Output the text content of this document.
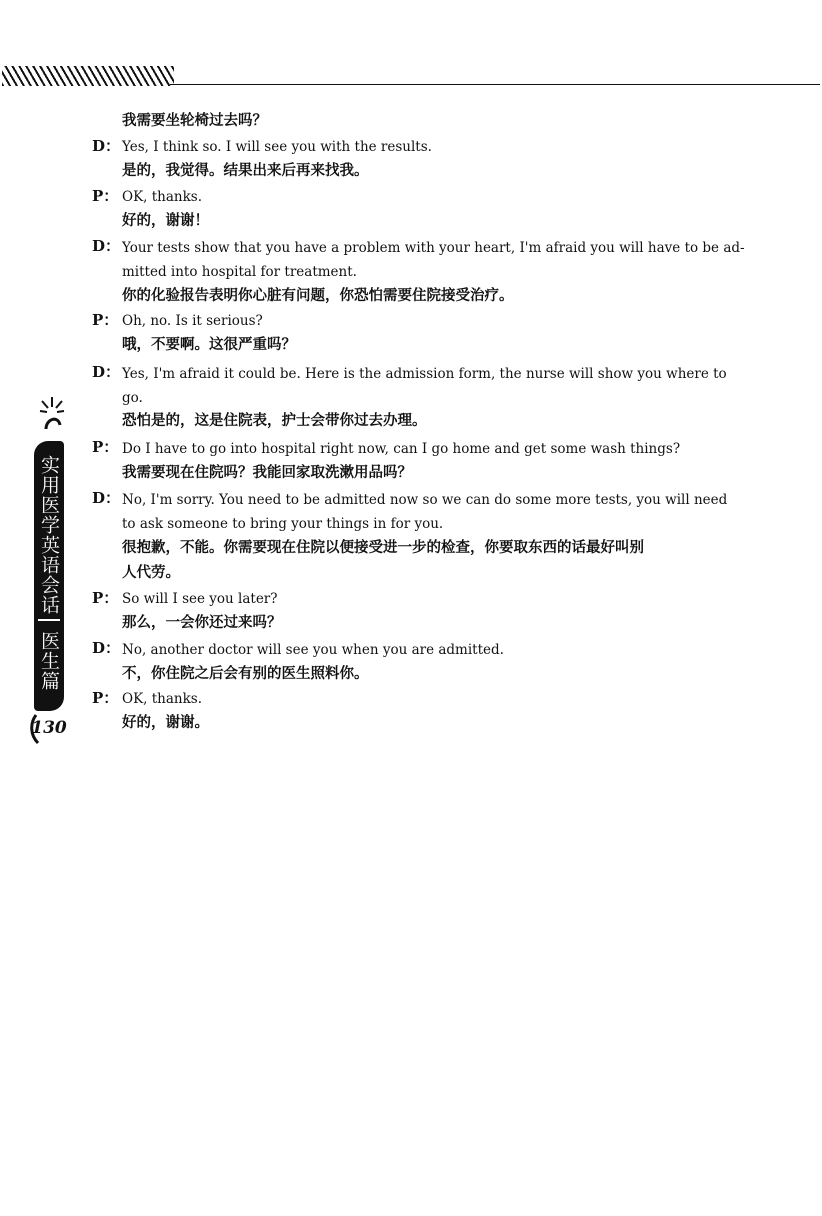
我需要坐轮椅过去吗？
D： Yes, I think so. I will see you with the results.
是的，我觉得。结果出来后再来找我。
P： OK, thanks.
好的，谢谢！
D： Your tests show that you have a problem with your heart, I'm afraid you will have to be ad-
mitted into hospital for treatment.
你的化验报告表明你心脏有问题，你恐怕需要住院接受治疗。
P： Oh, no. Is it serious?
哦，不要啊。这很严重吗？
D： Yes, I'm afraid it could be. Here is the admission form, the nurse will show you where to
go.
恐怕是的，这是住院表，护士会带你过去办理。
P： Do I have to go into hospital right now, can I go home and get some wash things?
我需要现在住院吗？我能回家取洗漱用品吗？
D： No, I'm sorry. You need to be admitted now so we can do some more tests, you will need
to ask someone to bring your things in for you.
很抱歉，不能。你需要现在住院以便接受进一步的检查，你要取东西的话最好叫别
人代劳。
P： So will I see you later?
那么，一会你还过来吗？
D： No, another doctor will see you when you are admitted.
不，你住院之后会有别的医生照料你。
P： OK, thanks.
好的，谢谢。
实用医学英语会话
医生篇
130
